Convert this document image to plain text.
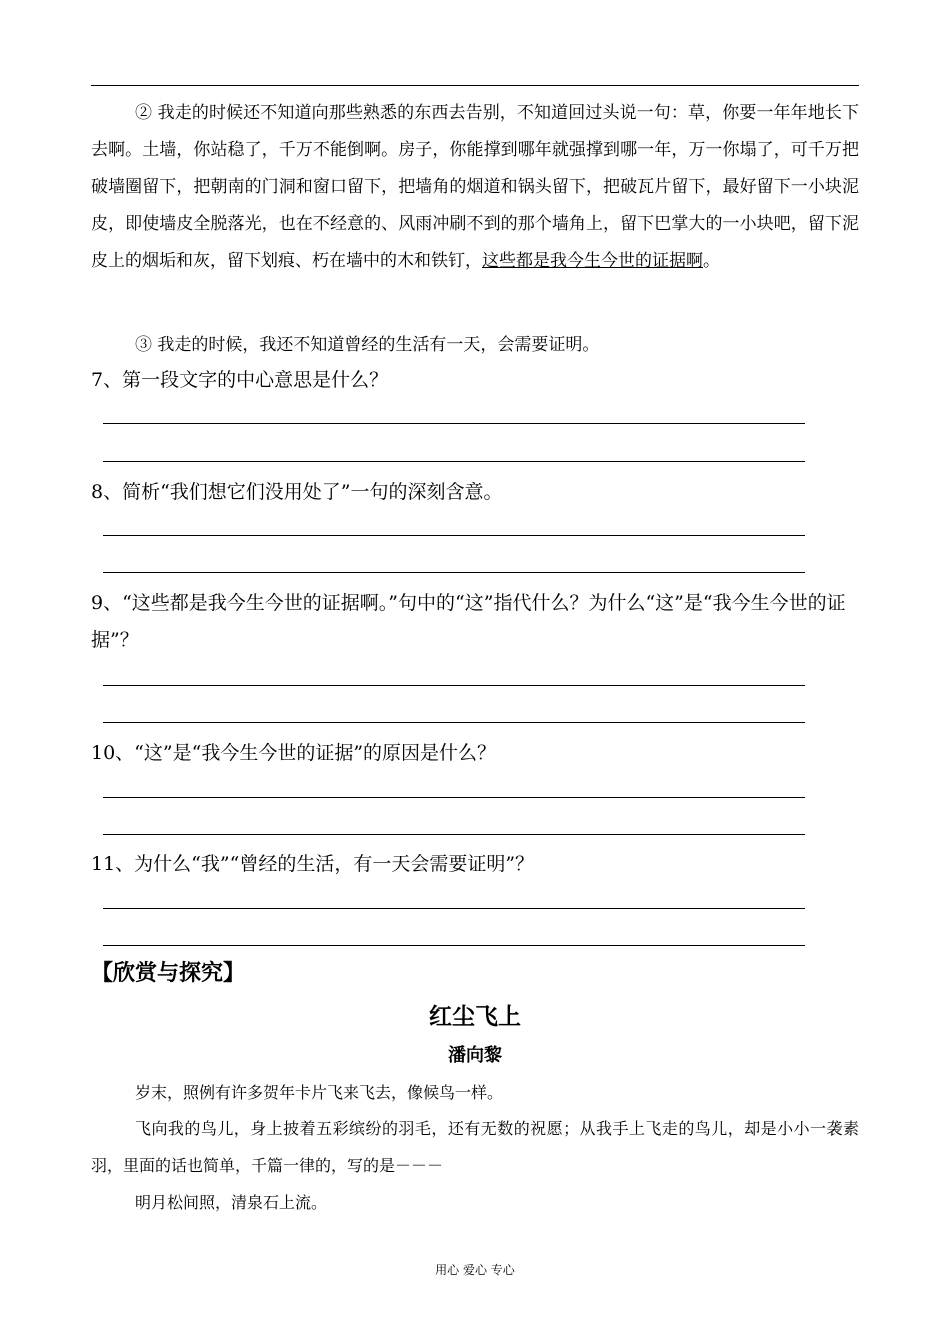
② 我走的时候还不知道向那些熟悉的东西去告别，不知道回过头说一句：草，你要一年年地长下去啊。土墙，你站稳了，千万不能倒啊。房子，你能撑到哪年就强撑到哪一年，万一你塌了，可千万把破墙圈留下，把朝南的门洞和窗口留下，把墙角的烟道和锅头留下，把破瓦片留下，最好留下一小块泥皮，即使墙皮全脱落光，也在不经意的、风雨冲刷不到的那个墙角上，留下巴掌大的一小块吧，留下泥皮上的烟垢和灰，留下划痕、朽在墙中的木和铁钉，这些都是我今生今世的证据啊。

③ 我走的时候，我还不知道曾经的生活有一天，会需要证明。

7、第一段文字的中心意思是什么？

8、简析“我们想它们没用处了”一句的深刻含意。

9、“这些都是我今生今世的证据啊。”句中的“这”指代什么？为什么“这”是“我今生今世的证据”？

10、“这”是“我今生今世的证据”的原因是什么？

11、为什么“我”“曾经的生活，有一天会需要证明”？

【欣赏与探究】
红尘飞上
潘向黎

岁末，照例有许多贺年卡片飞来飞去，像候鸟一样。

飞向我的鸟儿，身上披着五彩缤纷的羽毛，还有无数的祝愿；从我手上飞走的鸟儿，却是小小一袭素羽，里面的话也简单，千篇一律的，写的是－－－

明月松间照，清泉石上流。

用心 爱心 专心
